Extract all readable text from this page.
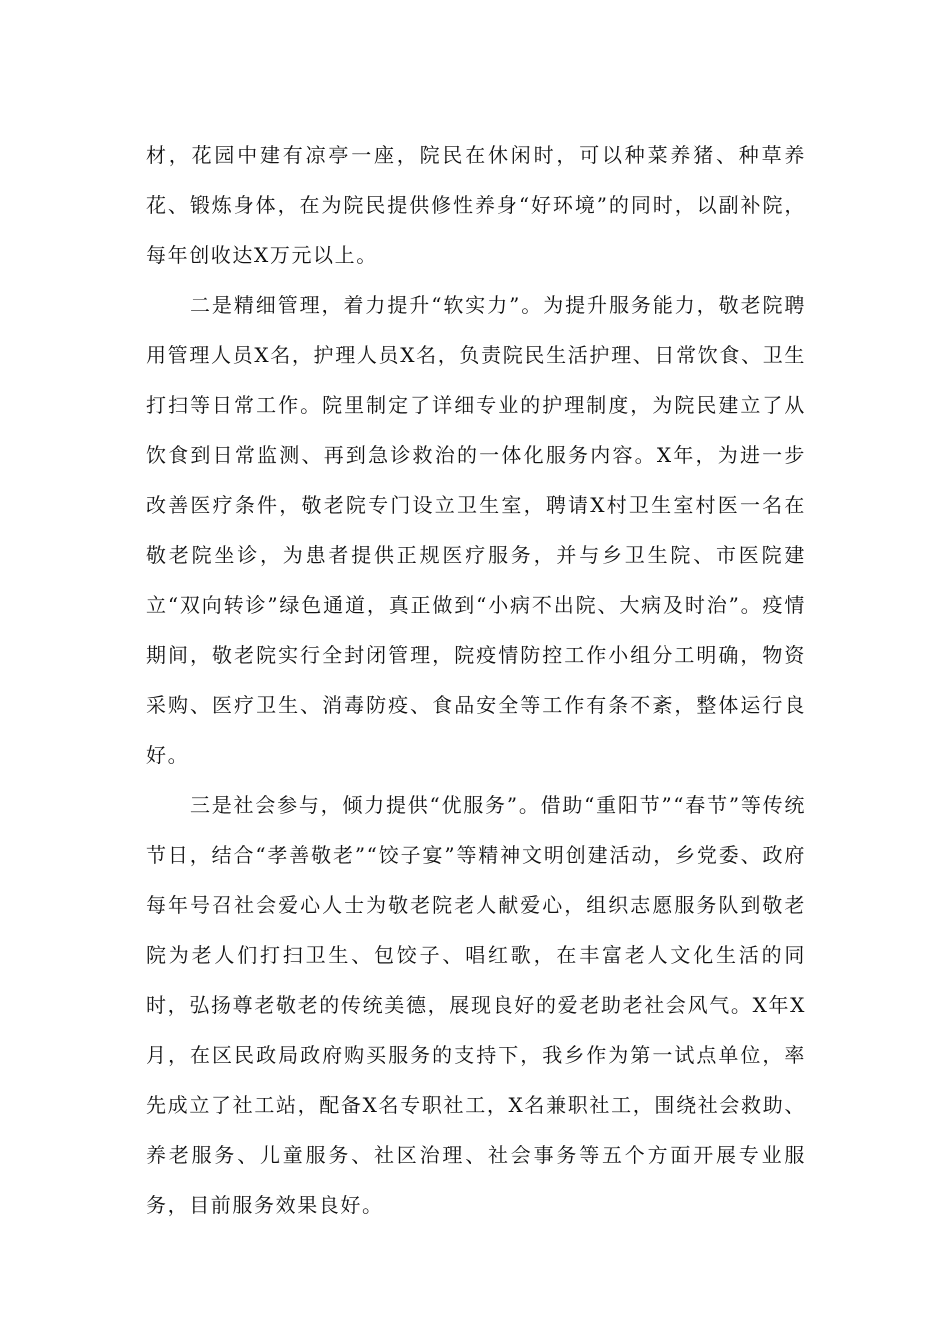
材，花园中建有凉亭一座，院民在休闲时，可以种菜养猪、种草养花、锻炼身体，在为院民提供修性养身“好环境”的同时，以副补院，每年创收达X万元以上。

二是精细管理，着力提升“软实力”。为提升服务能力，敬老院聘用管理人员X名，护理人员X名，负责院民生活护理、日常饮食、卫生打扫等日常工作。院里制定了详细专业的护理制度，为院民建立了从饮食到日常监测、再到急诊救治的一体化服务内容。X年，为进一步改善医疗条件，敬老院专门设立卫生室，聘请X村卫生室村医一名在敬老院坐诊，为患者提供正规医疗服务，并与乡卫生院、市医院建立“双向转诊”绿色通道，真正做到“小病不出院、大病及时治”。疫情期间，敬老院实行全封闭管理，院疫情防控工作小组分工明确，物资采购、医疗卫生、消毒防疫、食品安全等工作有条不紊，整体运行良好。

三是社会参与，倾力提供“优服务”。借助“重阳节”“春节”等传统节日，结合“孝善敬老”“饺子宴”等精神文明创建活动，乡党委、政府每年号召社会爱心人士为敬老院老人献爱心，组织志愿服务队到敬老院为老人们打扫卫生、包饺子、唱红歌，在丰富老人文化生活的同时，弘扬尊老敬老的传统美德，展现良好的爱老助老社会风气。X年X月，在区民政局政府购买服务的支持下，我乡作为第一试点单位，率先成立了社工站，配备X名专职社工，X名兼职社工，围绕社会救助、养老服务、儿童服务、社区治理、社会事务等五个方面开展专业服务，目前服务效果良好。
